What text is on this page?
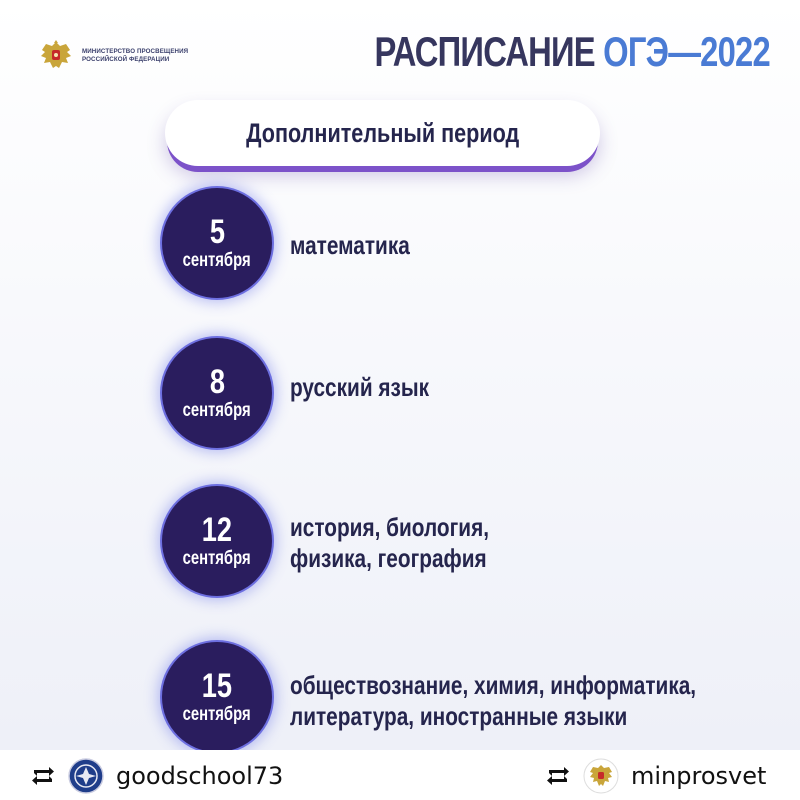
МИНИСТЕРСТВО ПРОСВЕЩЕНИЯ
РОССИЙСКОЙ ФЕДЕРАЦИИ	РАСПИСАНИЕ ОГЭ—2022
Дополнительный период
5
сентября
математика
8
сентября
русский язык
12
сентября
история, биология,
физика, география
15
сентября
обществознание, химия, информатика,
литература, иностранные языки
goodschool73	minprosvet
